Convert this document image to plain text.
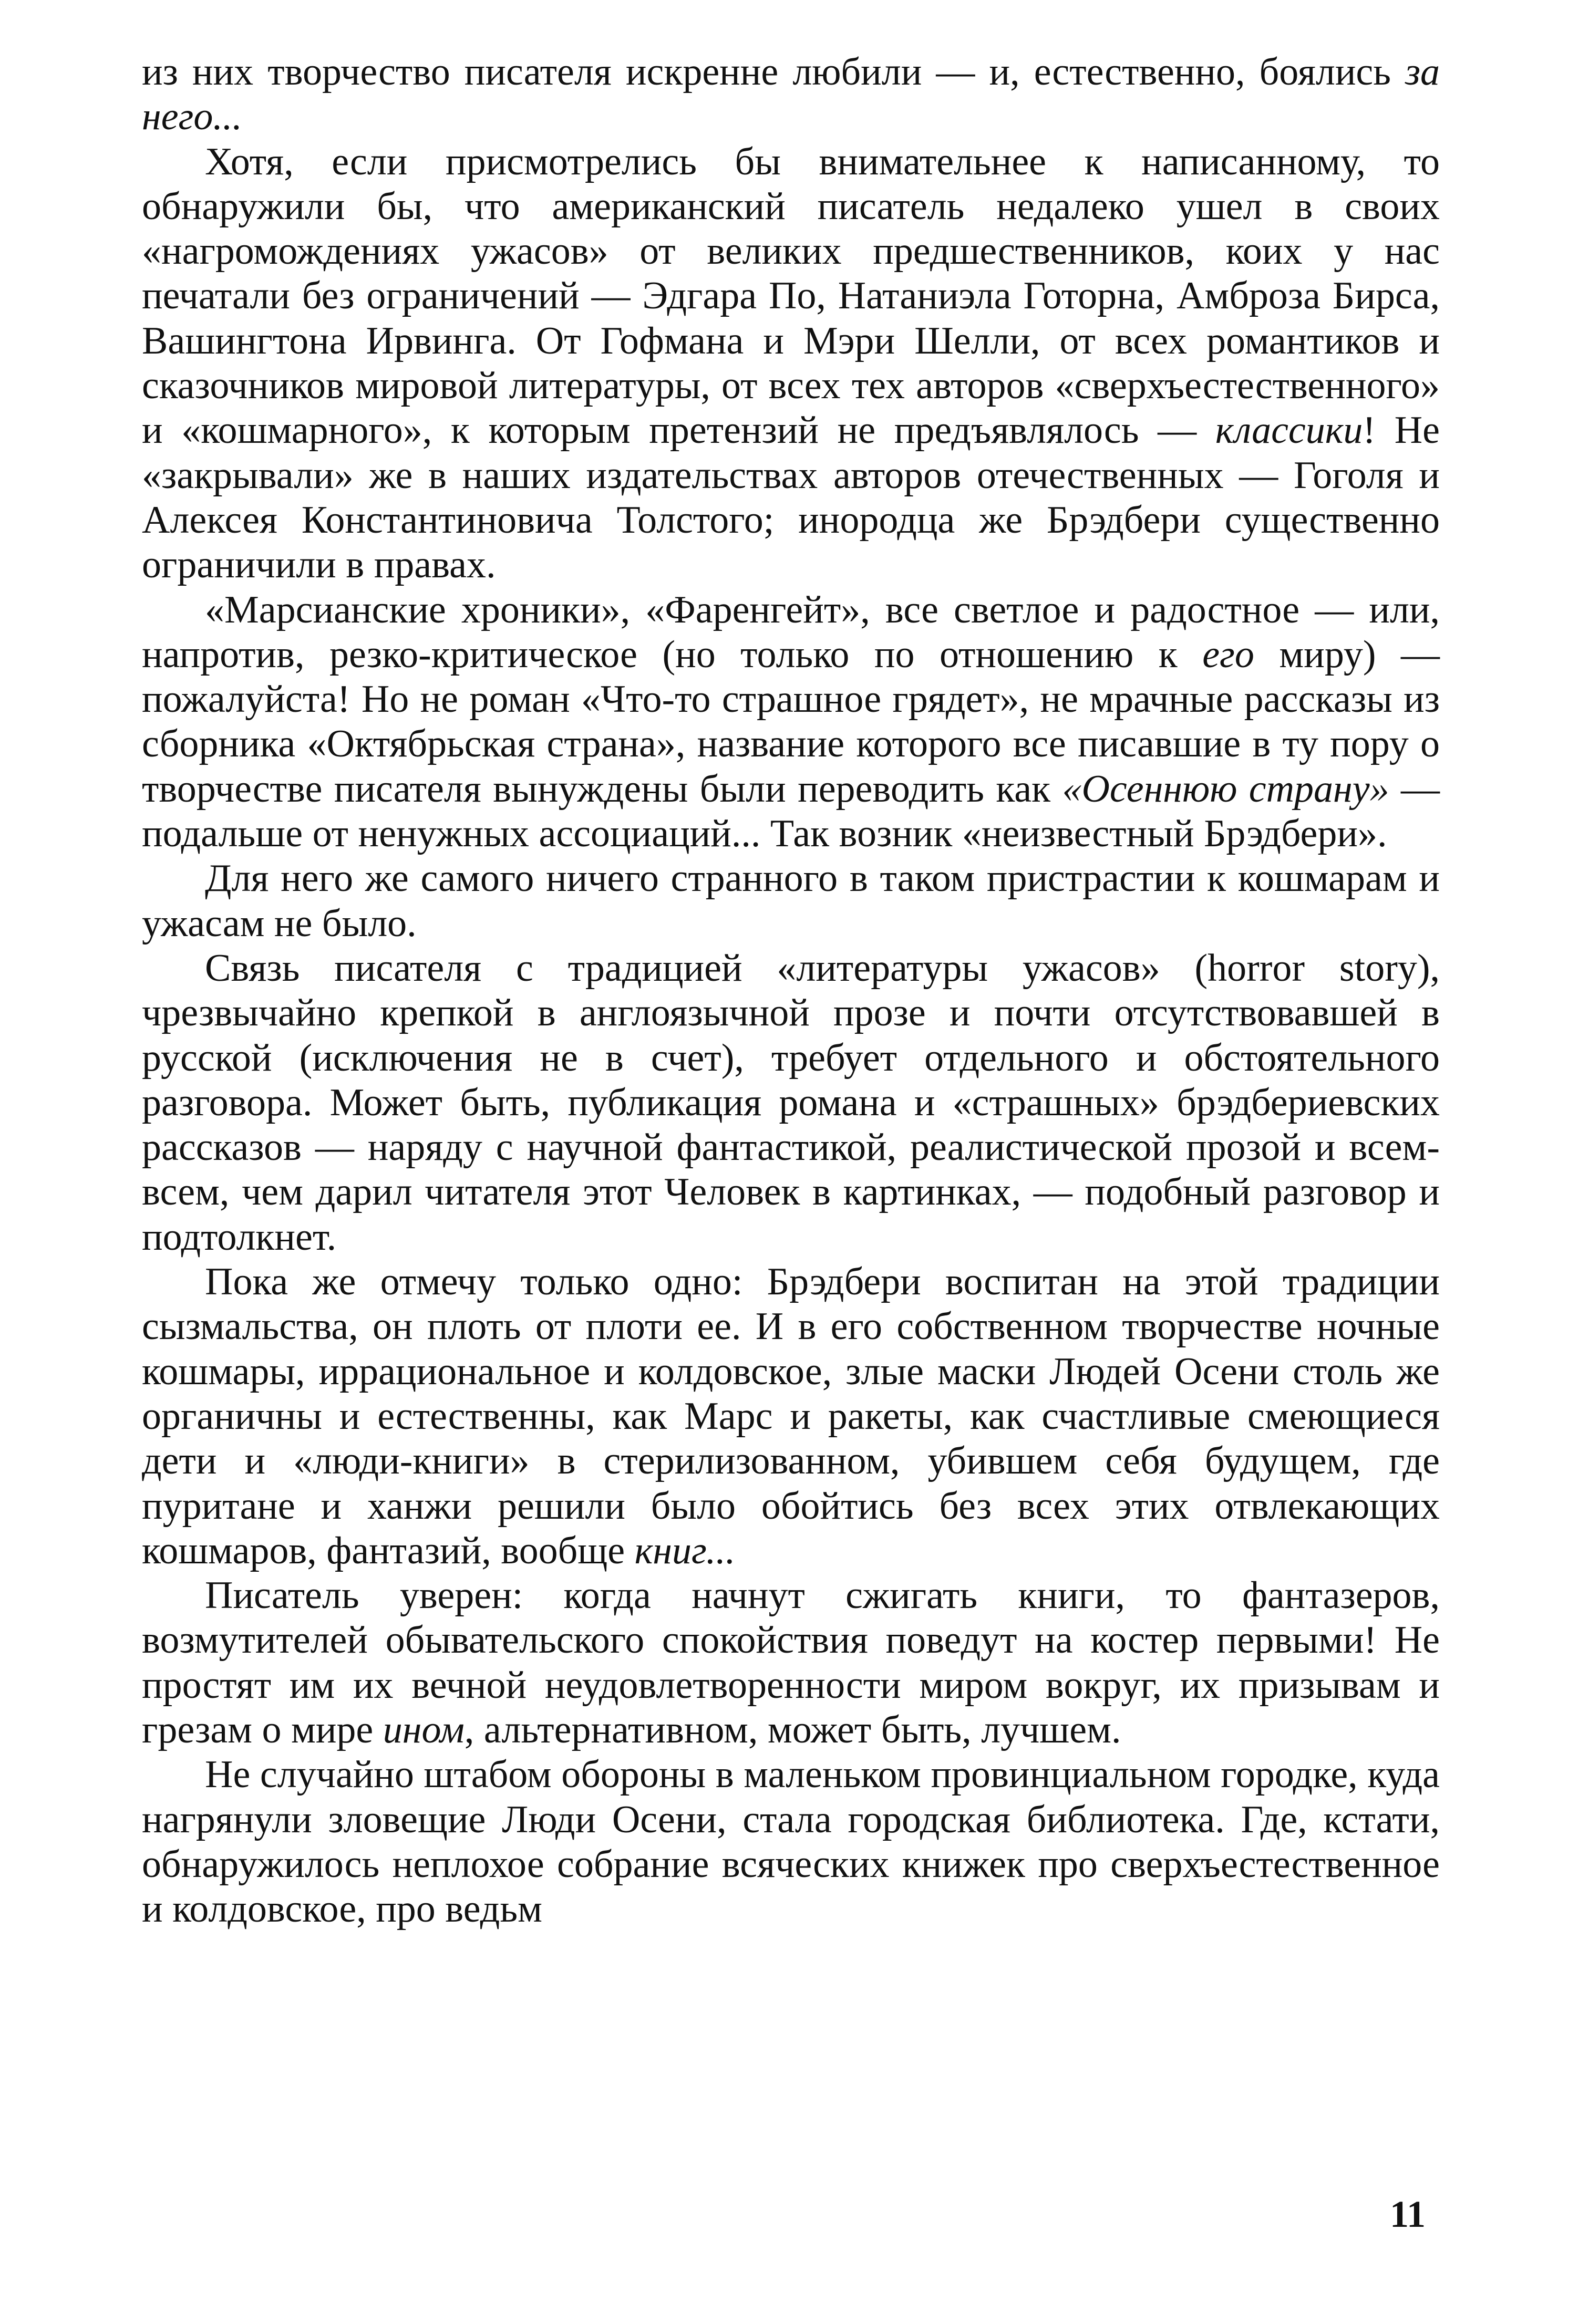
из них творчество писателя искренне любили — и, естественно, боялись за него...

Хотя, если присмотрелись бы внимательнее к написанному, то обнаружили бы, что американский писатель недалеко ушел в своих «нагромождениях ужасов» от великих предшественников, коих у нас печатали без ограничений — Эдгара По, Натаниэла Готорна, Амброза Бирса, Вашингтона Ирвинга. От Гофмана и Мэри Шелли, от всех романтиков и сказочников мировой литературы, от всех тех авторов «сверхъестественного» и «кошмарного», к которым претензий не предъявлялось — классики! Не «закрывали» же в наших издательствах авторов отечественных — Гоголя и Алексея Константиновича Толстого; инородца же Брэдбери существенно ограничили в правах.

«Марсианские хроники», «Фаренгейт», все светлое и радостное — или, напротив, резко-критическое (но только по отношению к его миру) — пожалуйста! Но не роман «Что-то страшное грядет», не мрачные рассказы из сборника «Октябрьская страна», название которого все писавшие в ту пору о творчестве писателя вынуждены были переводить как «Осеннюю страну» — подальше от ненужных ассоциаций... Так возник «неизвестный Брэдбери».

Для него же самого ничего странного в таком пристрастии к кошмарам и ужасам не было.

Связь писателя с традицией «литературы ужасов» (horror story), чрезвычайно крепкой в англоязычной прозе и почти отсутствовавшей в русской (исключения не в счет), требует отдельного и обстоятельного разговора. Может быть, публикация романа и «страшных» брэдбериевских рассказов — наряду с научной фантастикой, реалистической прозой и всем-всем, чем дарил читателя этот Человек в картинках, — подобный разговор и подтолкнет.

Пока же отмечу только одно: Брэдбери воспитан на этой традиции сызмальства, он плоть от плоти ее. И в его собственном творчестве ночные кошмары, иррациональное и колдовское, злые маски Людей Осени столь же органичны и естественны, как Марс и ракеты, как счастливые смеющиеся дети и «люди-книги» в стерилизованном, убившем себя будущем, где пуритане и ханжи решили было обойтись без всех этих отвлекающих кошмаров, фантазий, вообще книг...

Писатель уверен: когда начнут сжигать книги, то фантазеров, возмутителей обывательского спокойствия поведут на костер первыми! Не простят им их вечной неудовлетворенности миром вокруг, их призывам и грезам о мире ином, альтернативном, может быть, лучшем.

Не случайно штабом обороны в маленьком провинциальном городке, куда нагрянули зловещие Люди Осени, стала городская библиотека. Где, кстати, обнаружилось неплохое собрание всяческих книжек про сверхъестественное и колдовское, про ведьм

11
